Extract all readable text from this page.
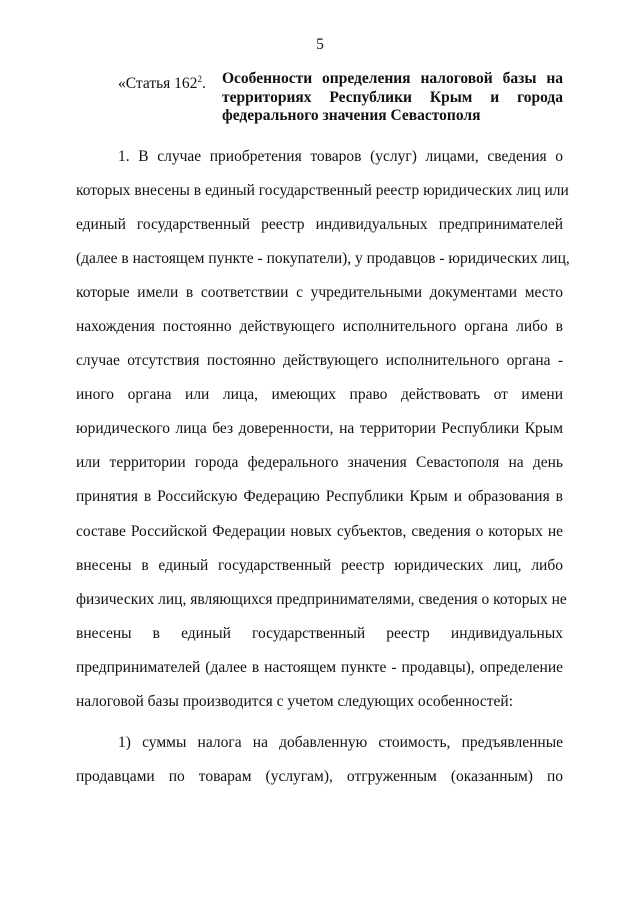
5
«Статья $162^2$. Особенности определения налоговой базы на
территориях Республики Крым и города
федерального значения Севастополя
1. В случае приобретения товаров (услуг) лицами, сведения о
которых внесены в единый государственный реестр юридических лиц или
единый государственный реестр индивидуальных предпринимателей
(далее в настоящем пункте - покупатели), у продавцов - юридических лиц,
которые имели в соответствии с учредительными документами место
нахождения постоянно действующего исполнительного органа либо в
случае отсутствия постоянно действующего исполнительного органа -
иного органа или лица, имеющих право действовать от имени
юридического лица без доверенности, на территории Республики Крым
или территории города федерального значения Севастополя на день
принятия в Российскую Федерацию Республики Крым и образования в
составе Российской Федерации новых субъектов, сведения о которых не
внесены в единый государственный реестр юридических лиц, либо
физических лиц, являющихся предпринимателями, сведения о которых не
внесены в единый государственный реестр индивидуальных
предпринимателей (далее в настоящем пункте - продавцы), определение
налоговой базы производится с учетом следующих особенностей:
1) суммы налога на добавленную стоимость, предъявленные
продавцами по товарам (услугам), отгруженным (оказанным) по
